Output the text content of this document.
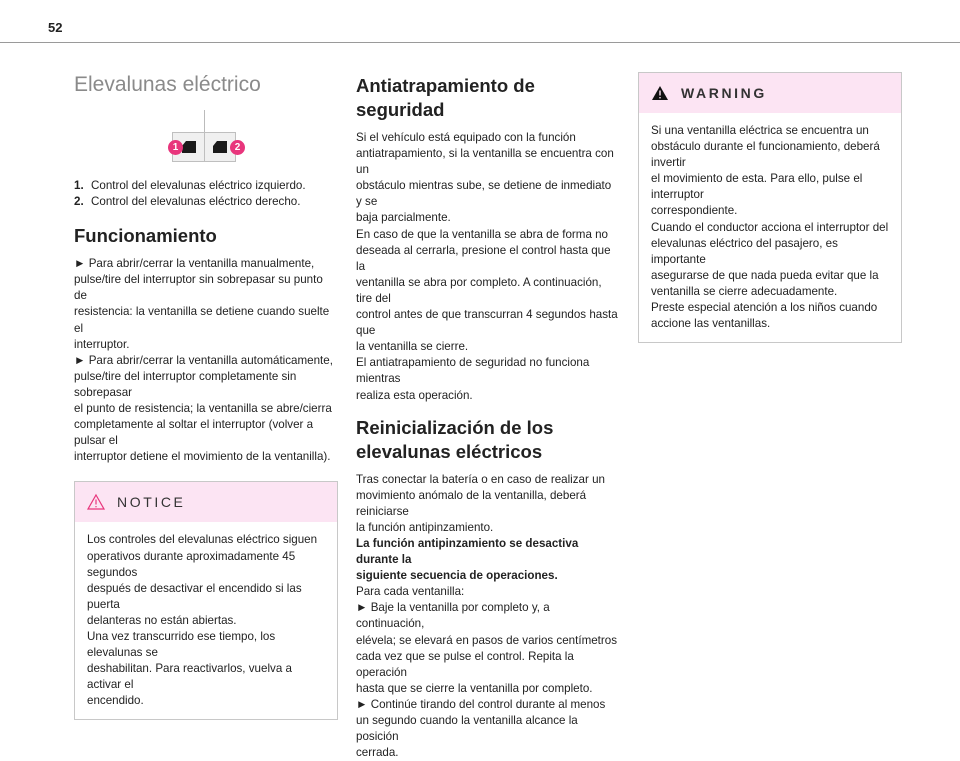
52
Elevalunas eléctrico
1	2
1. Control del elevalunas eléctrico izquierdo.
2. Control del elevalunas eléctrico derecho.
Funcionamiento

► Para abrir/cerrar la ventanilla manualmente,

pulse/tire del interruptor sin sobrepasar su punto de

resistencia: la ventanilla se detiene cuando suelte el

interruptor.

► Para abrir/cerrar la ventanilla automáticamente,

pulse/tire del interruptor completamente sin sobrepasar

el punto de resistencia; la ventanilla se abre/cierra

completamente al soltar el interruptor (volver a pulsar el

interruptor detiene el movimiento de la ventanilla).

NOTICE

Los controles del elevalunas eléctrico siguen

operativos durante aproximadamente 45 segundos

después de desactivar el encendido si las puerta

delanteras no están abiertas.

Una vez transcurrido ese tiempo, los elevalunas se

deshabilitan. Para reactivarlos, vuelva a activar el

encendido.

Antiatrapamiento de seguridad

Si el vehículo está equipado con la función

antiatrapamiento, si la ventanilla se encuentra con un

obstáculo mientras sube, se detiene de inmediato y se

baja parcialmente.

En caso de que la ventanilla se abra de forma no

deseada al cerrarla, presione el control hasta que la

ventanilla se abra por completo. A continuación, tire del

control antes de que transcurran 4 segundos hasta que

la ventanilla se cierre.

El antiatrapamiento de seguridad no funciona mientras

realiza esta operación.

Reinicialización de los
elevalunas eléctricos

Tras conectar la batería o en caso de realizar un

movimiento anómalo de la ventanilla, deberá reiniciarse

la función antipinzamiento.

La función antipinzamiento se desactiva durante la

siguiente secuencia de operaciones.

Para cada ventanilla:

► Baje la ventanilla por completo y, a continuación,

elévela; se elevará en pasos de varios centímetros

cada vez que se pulse el control. Repita la operación

hasta que se cierre la ventanilla por completo.

► Continúe tirando del control durante al menos

un segundo cuando la ventanilla alcance la posición

cerrada.

WARNING

Si una ventanilla eléctrica se encuentra un

obstáculo durante el funcionamiento, deberá invertir

el movimiento de esta. Para ello, pulse el interruptor

correspondiente.

Cuando el conductor acciona el interruptor del

elevalunas eléctrico del pasajero, es importante

asegurarse de que nada pueda evitar que la

ventanilla se cierre adecuadamente.

Preste especial atención a los niños cuando

accione las ventanillas.
